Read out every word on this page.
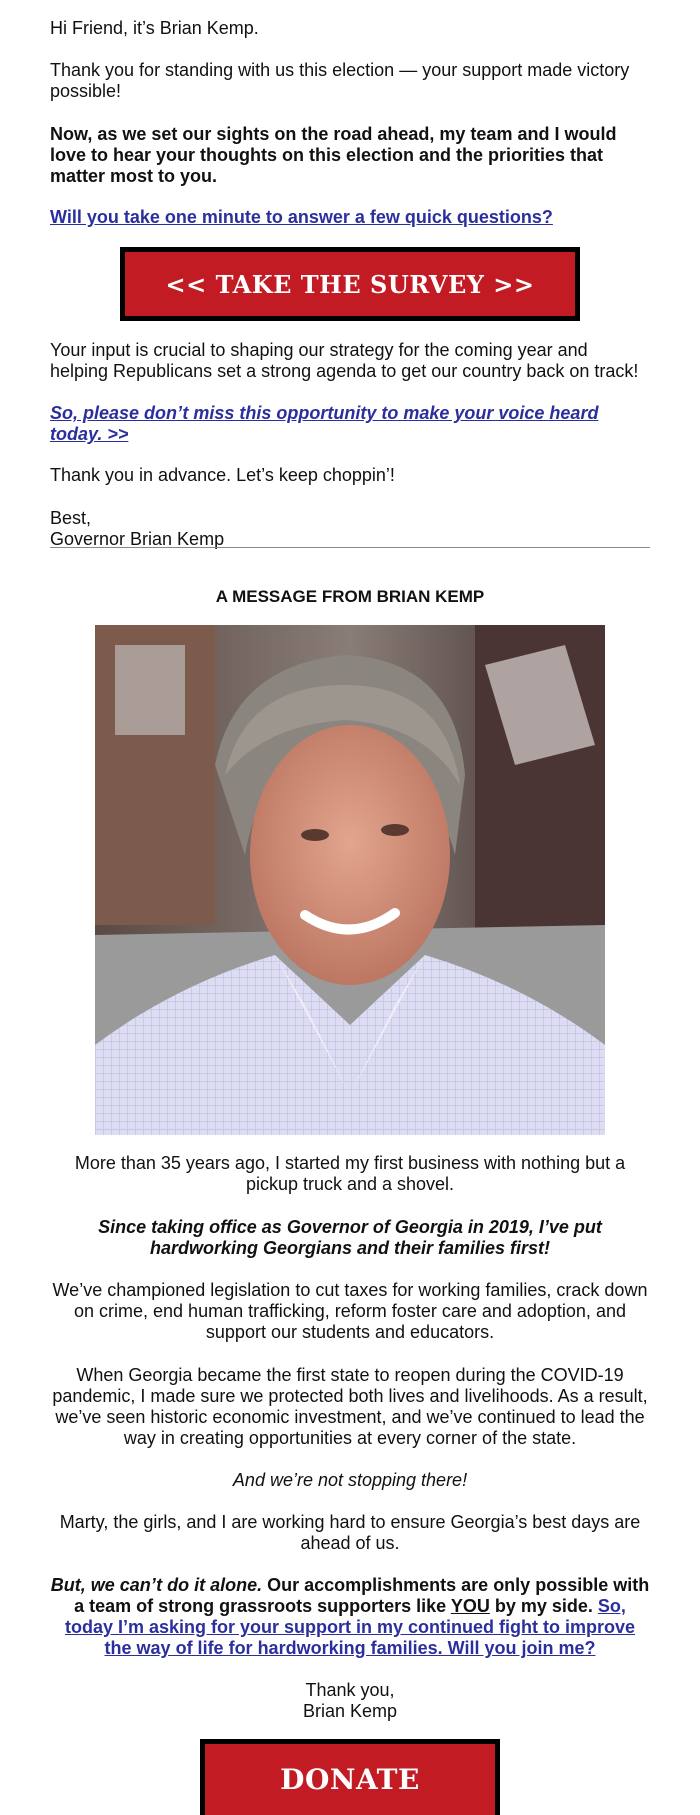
Hi Friend, it’s Brian Kemp.

Thank you for standing with us this election — your support made victory possible!

Now, as we set our sights on the road ahead, my team and I would love to hear your thoughts on this election and the priorities that matter most to you.

Will you take one minute to answer a few quick questions?

<< TAKE THE SURVEY >>

Your input is crucial to shaping our strategy for the coming year and helping Republicans set a strong agenda to get our country back on track!

So, please don’t miss this opportunity to make your voice heard today. >>

Thank you in advance. Let’s keep choppin’!

Best,

Governor Brian Kemp

A MESSAGE FROM BRIAN KEMP

More than 35 years ago, I started my first business with nothing but a pickup truck and a shovel.

Since taking office as Governor of Georgia in 2019, I’ve put hardworking Georgians and their families first!

We’ve championed legislation to cut taxes for working families, crack down on crime, end human trafficking, reform foster care and adoption, and support our students and educators.

When Georgia became the first state to reopen during the COVID-19 pandemic, I made sure we protected both lives and livelihoods. As a result, we’ve seen historic economic investment, and we’ve continued to lead the way in creating opportunities at every corner of the state.

And we’re not stopping there!

Marty, the girls, and I are working hard to ensure Georgia’s best days are ahead of us.

But, we can’t do it alone. Our accomplishments are only possible with a team of strong grassroots supporters like YOU by my side. So, today I’m asking for your support in my continued fight to improve the way of life for hardworking families. Will you join me?

Thank you,

Brian Kemp

DONATE
